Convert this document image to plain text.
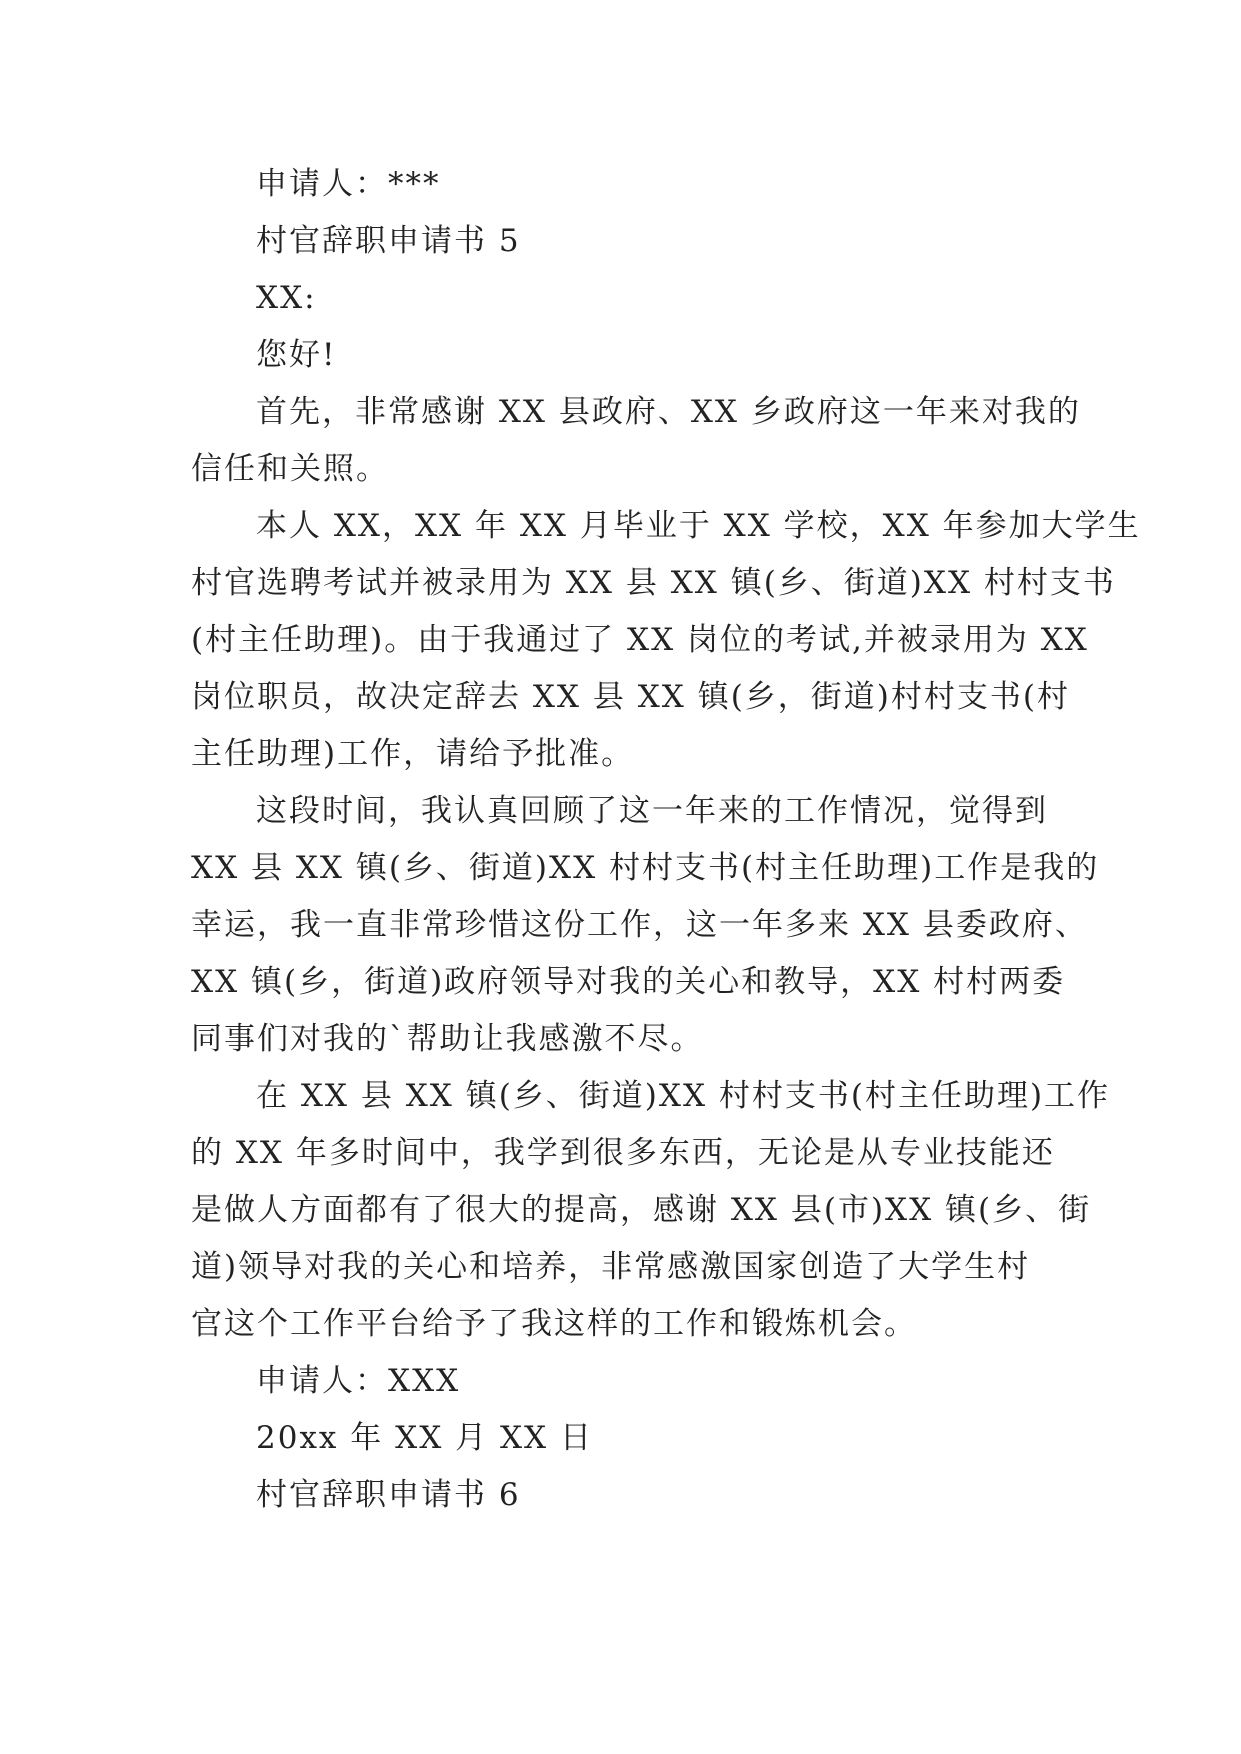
申请人：***
村官辞职申请书 5
XX:
您好!
首先，非常感谢 XX 县政府、XX 乡政府这一年来对我的
信任和关照。
本人 XX，XX 年 XX 月毕业于 XX 学校，XX 年参加大学生
村官选聘考试并被录用为 XX 县 XX 镇(乡、街道)XX 村村支书
(村主任助理)。由于我通过了 XX 岗位的考试,并被录用为 XX
岗位职员，故决定辞去 XX 县 XX 镇(乡，街道)村村支书(村
主任助理)工作，请给予批准。
这段时间，我认真回顾了这一年来的工作情况，觉得到
XX 县 XX 镇(乡、街道)XX 村村支书(村主任助理)工作是我的
幸运，我一直非常珍惜这份工作，这一年多来 XX 县委政府、
XX 镇(乡，街道)政府领导对我的关心和教导，XX 村村两委
同事们对我的`帮助让我感激不尽。
在 XX 县 XX 镇(乡、街道)XX 村村支书(村主任助理)工作
的 XX 年多时间中，我学到很多东西，无论是从专业技能还
是做人方面都有了很大的提高，感谢 XX 县(市)XX 镇(乡、街
道)领导对我的关心和培养，非常感激国家创造了大学生村
官这个工作平台给予了我这样的工作和锻炼机会。
申请人：XXX
20xx 年 XX 月 XX 日
村官辞职申请书 6
